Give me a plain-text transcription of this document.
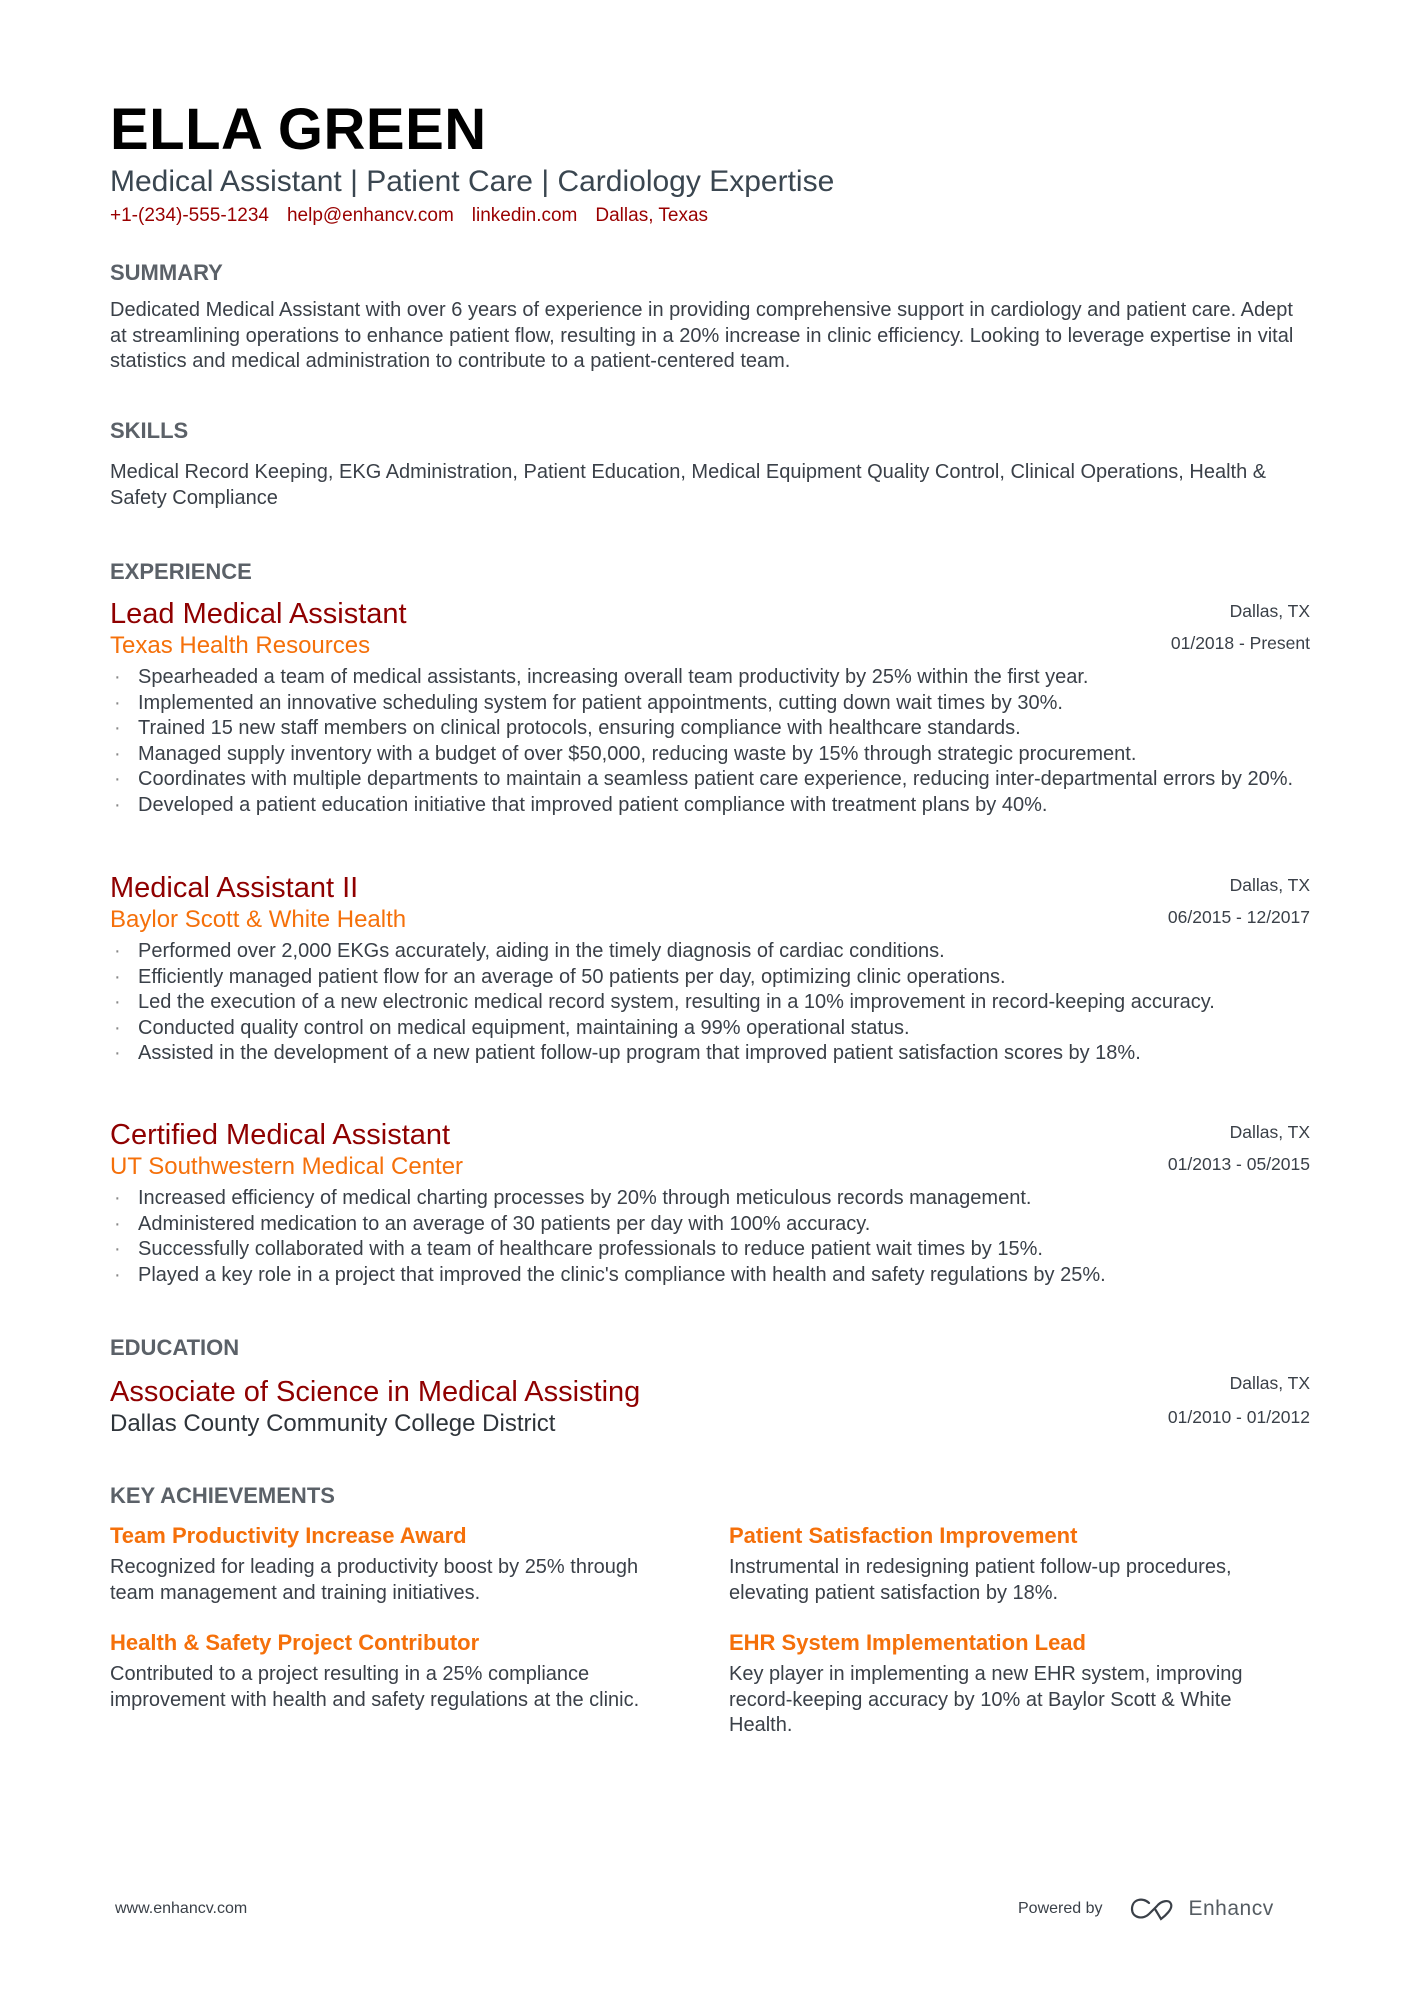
ELLA GREEN
Medical Assistant | Patient Care | Cardiology Expertise
+1-(234)-555-1234 help@enhancv.com linkedin.com Dallas, Texas
SUMMARY
Dedicated Medical Assistant with over 6 years of experience in providing comprehensive support in cardiology and patient care. Adept at streamlining operations to enhance patient flow, resulting in a 20% increase in clinic efficiency. Looking to leverage expertise in vital statistics and medical administration to contribute to a patient-centered team.
SKILLS
Medical Record Keeping, EKG Administration, Patient Education, Medical Equipment Quality Control, Clinical Operations, Health & Safety Compliance
EXPERIENCE
Lead Medical Assistant
Texas Health Resources
Dallas, TX
01/2018 - Present
· Spearheaded a team of medical assistants, increasing overall team productivity by 25% within the first year.
· Implemented an innovative scheduling system for patient appointments, cutting down wait times by 30%.
· Trained 15 new staff members on clinical protocols, ensuring compliance with healthcare standards.
· Managed supply inventory with a budget of over $50,000, reducing waste by 15% through strategic procurement.
· Coordinates with multiple departments to maintain a seamless patient care experience, reducing inter-departmental errors by 20%.
· Developed a patient education initiative that improved patient compliance with treatment plans by 40%.
Medical Assistant II
Baylor Scott & White Health
Dallas, TX
06/2015 - 12/2017
· Performed over 2,000 EKGs accurately, aiding in the timely diagnosis of cardiac conditions.
· Efficiently managed patient flow for an average of 50 patients per day, optimizing clinic operations.
· Led the execution of a new electronic medical record system, resulting in a 10% improvement in record-keeping accuracy.
· Conducted quality control on medical equipment, maintaining a 99% operational status.
· Assisted in the development of a new patient follow-up program that improved patient satisfaction scores by 18%.
Certified Medical Assistant
UT Southwestern Medical Center
Dallas, TX
01/2013 - 05/2015
· Increased efficiency of medical charting processes by 20% through meticulous records management.
· Administered medication to an average of 30 patients per day with 100% accuracy.
· Successfully collaborated with a team of healthcare professionals to reduce patient wait times by 15%.
· Played a key role in a project that improved the clinic's compliance with health and safety regulations by 25%.
EDUCATION
Associate of Science in Medical Assisting
Dallas County Community College District
Dallas, TX
01/2010 - 01/2012
KEY ACHIEVEMENTS
Team Productivity Increase Award
Recognized for leading a productivity boost by 25% through team management and training initiatives.
Patient Satisfaction Improvement
Instrumental in redesigning patient follow-up procedures, elevating patient satisfaction by 18%.
Health & Safety Project Contributor
Contributed to a project resulting in a 25% compliance improvement with health and safety regulations at the clinic.
EHR System Implementation Lead
Key player in implementing a new EHR system, improving record-keeping accuracy by 10% at Baylor Scott & White Health.
www.enhancv.com	Powered by	Enhancv
